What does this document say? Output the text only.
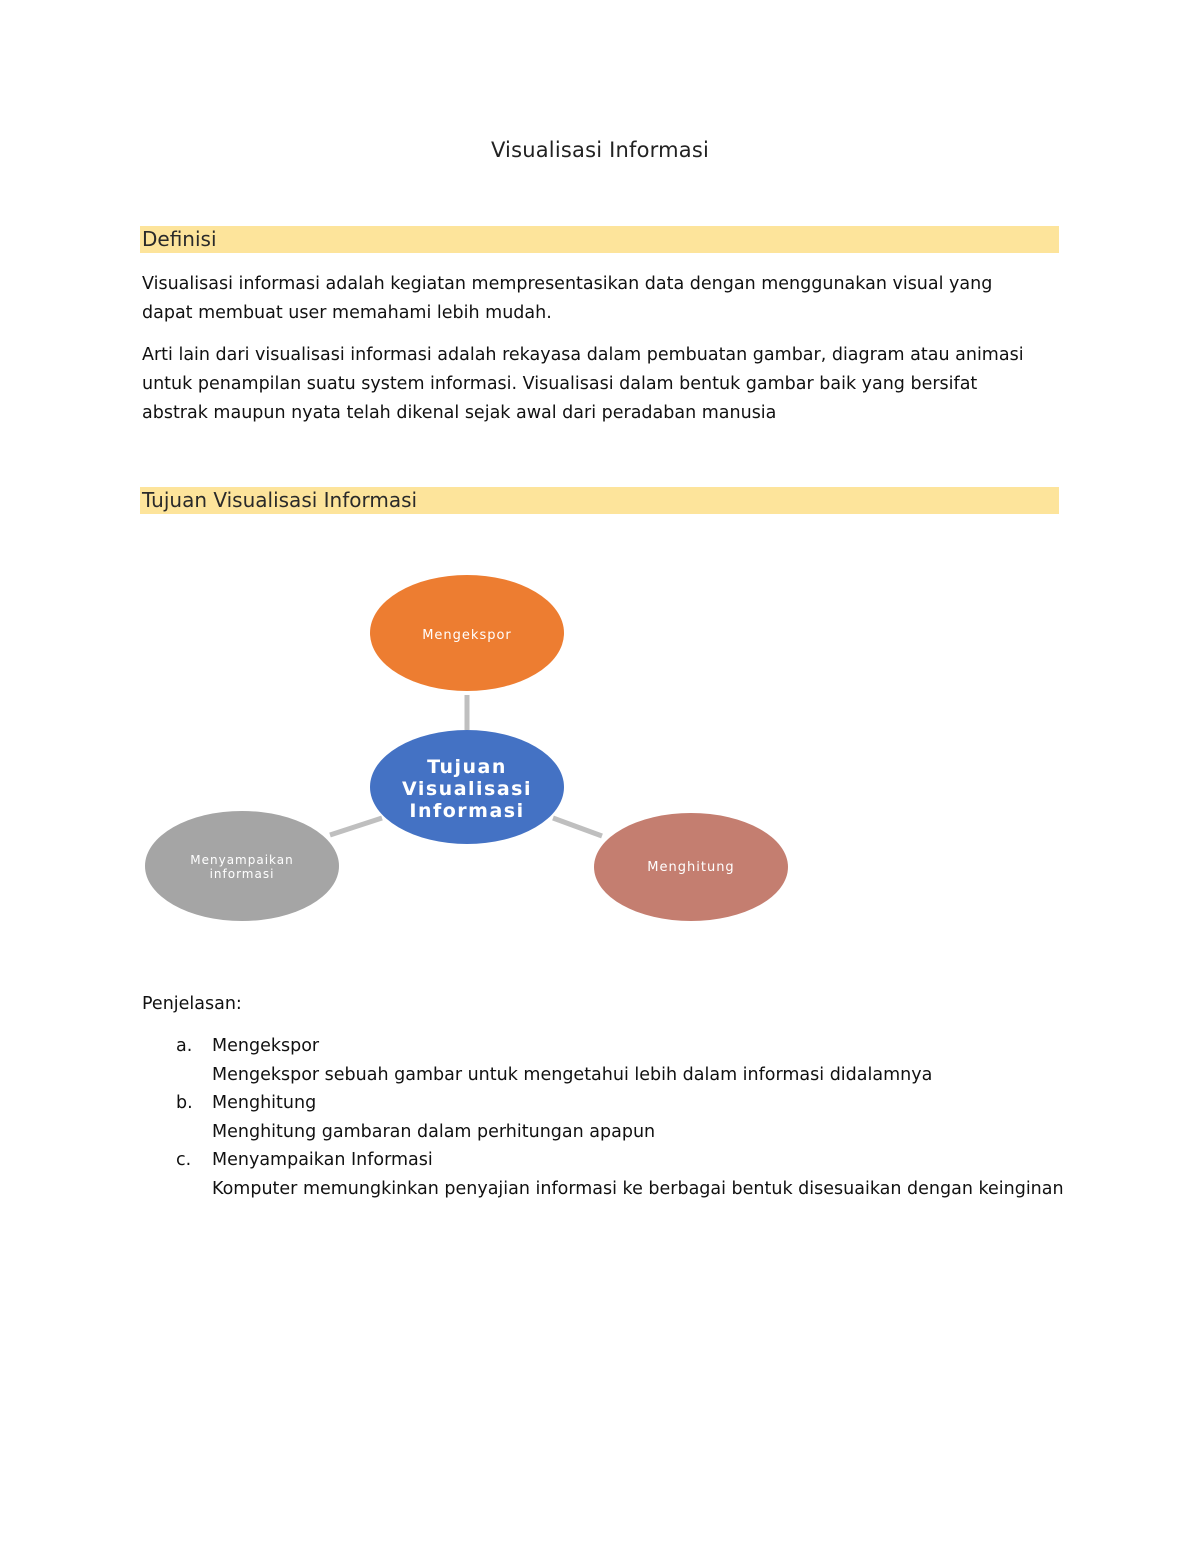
Visualisasi Informasi
Definisi

Visualisasi informasi adalah kegiatan mempresentasikan data dengan menggunakan visual yang dapat membuat user memahami lebih mudah.

Arti lain dari visualisasi informasi adalah rekayasa dalam pembuatan gambar, diagram atau animasi untuk penampilan suatu system informasi. Visualisasi dalam bentuk gambar baik yang bersifat abstrak maupun nyata telah dikenal sejak awal dari peradaban manusia

Tujuan Visualisasi Informasi
Mengekspor
Menghitung
Menyampaikan
informasi
Tujuan
Visualisasi
Informasi

Penjelasan:

a. Mengekspor
Mengekspor sebuah gambar untuk mengetahui lebih dalam informasi didalamnya
b. Menghitung
Menghitung gambaran dalam perhitungan apapun
c. Menyampaikan Informasi
Komputer memungkinkan penyajian informasi ke berbagai bentuk disesuaikan dengan keinginan
